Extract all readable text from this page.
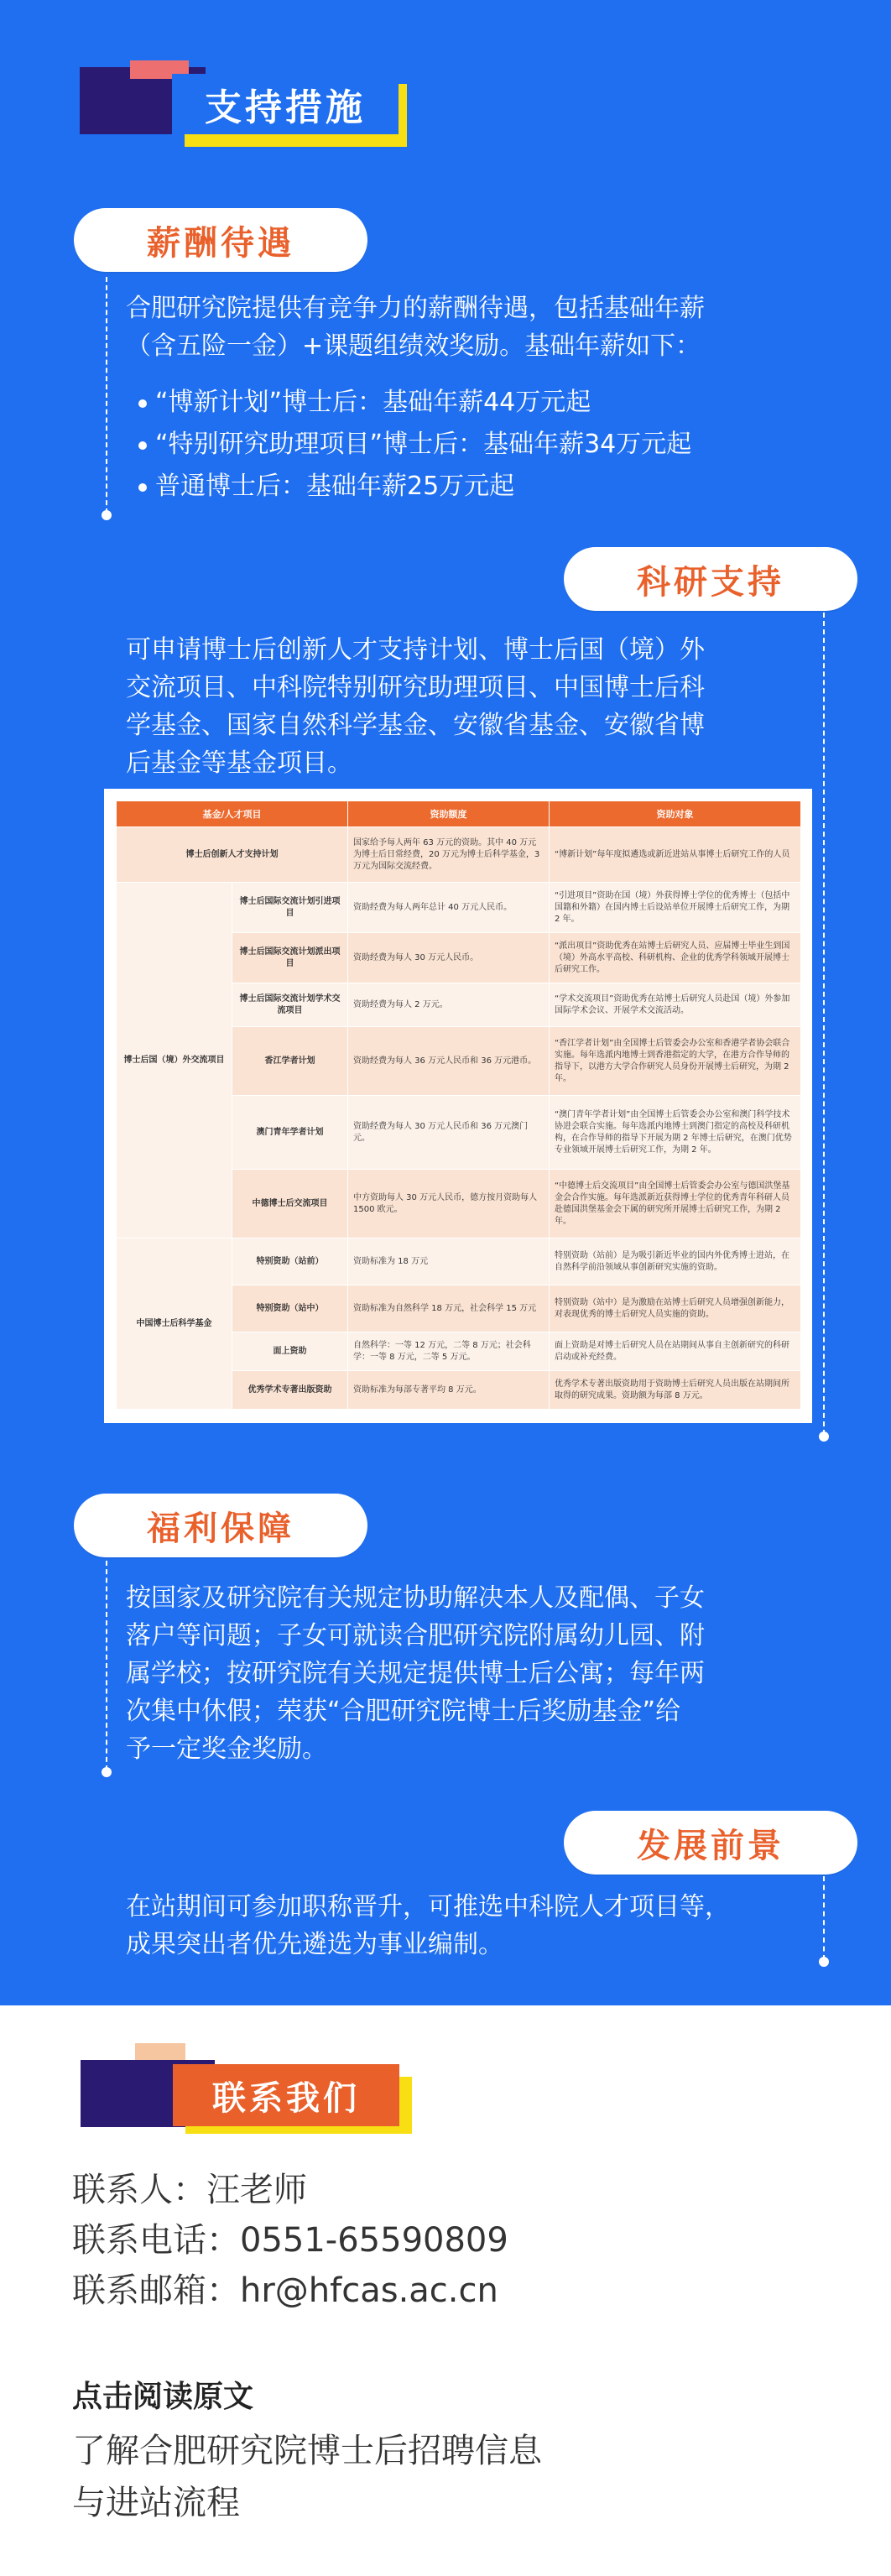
支持措施
薪酬待遇
合肥研究院提供有竞争力的薪酬待遇，包括基础年薪
（含五险一金）+课题组绩效奖励。基础年薪如下：
“博新计划”博士后：基础年薪44万元起
“特别研究助理项目”博士后：基础年薪34万元起
普通博士后：基础年薪25万元起
科研支持
可申请博士后创新人才支持计划、博士后国（境）外
交流项目、中科院特别研究助理项目、中国博士后科
学基金、国家自然科学基金、安徽省基金、安徽省博
后基金等基金项目。
基金/人才项目		资助额度	资助对象
博士后创新人才支持计划		国家给予每人两年 63 万元的资助。其中 40 万元为博士后日常经费，20 万元为博士后科学基金，3 万元为国际交流经费。	“博新计划”每年度拟遴选或新近进站从事博士后研究工作的人员
博士后国（境）外交流项目	博士后国际交流计划引进项目	资助经费为每人两年总计 40 万元人民币。	“引进项目”资助在国（境）外获得博士学位的优秀博士（包括中国籍和外籍）在国内博士后设站单位开展博士后研究工作，为期 2 年。
	博士后国际交流计划派出项目	资助经费为每人 30 万元人民币。	“派出项目”资助优秀在站博士后研究人员、应届博士毕业生到国（境）外高水平高校、科研机构、企业的优秀学科领域开展博士后研究工作。
	博士后国际交流计划学术交流项目	资助经费为每人 2 万元。	“学术交流项目”资助优秀在站博士后研究人员赴国（境）外参加国际学术会议、开展学术交流活动。
	香江学者计划	资助经费为每人 36 万元人民币和 36 万元港币。	“香江学者计划”由全国博士后管委会办公室和香港学者协会联合实施。每年选派内地博士到香港指定的大学，在港方合作导师的指导下，以港方大学合作研究人员身份开展博士后研究，为期 2 年。
	澳门青年学者计划	资助经费为每人 30 万元人民币和 36 万元澳门元。	“澳门青年学者计划”由全国博士后管委会办公室和澳门科学技术协进会联合实施。每年选派内地博士到澳门指定的高校及科研机构，在合作导师的指导下开展为期 2 年博士后研究，在澳门优势专业领域开展博士后研究工作，为期 2 年。
	中德博士后交流项目	中方资助每人 30 万元人民币，德方按月资助每人 1500 欧元。	“中德博士后交流项目”由全国博士后管委会办公室与德国洪堡基金会合作实施。每年选派新近获得博士学位的优秀青年科研人员赴德国洪堡基金会下属的研究所开展博士后研究工作，为期 2 年。
中国博士后科学基金	特别资助（站前）	资助标准为 18 万元	特别资助（站前）是为吸引新近毕业的国内外优秀博士进站，在自然科学前沿领域从事创新研究实施的资助。
	特别资助（站中）	资助标准为自然科学 18 万元，社会科学 15 万元	特别资助（站中）是为激励在站博士后研究人员增强创新能力，对表现优秀的博士后研究人员实施的资助。
	面上资助	自然科学：一等 12 万元，二等 8 万元；社会科学：一等 8 万元，二等 5 万元。	面上资助是对博士后研究人员在站期间从事自主创新研究的科研启动或补充经费。
	优秀学术专著出版资助	资助标准为每部专著平均 8 万元。	优秀学术专著出版资助用于资助博士后研究人员出版在站期间所取得的研究成果。资助额为每部 8 万元。
福利保障
按国家及研究院有关规定协助解决本人及配偶、子女
落户等问题；子女可就读合肥研究院附属幼儿园、附
属学校；按研究院有关规定提供博士后公寓；每年两
次集中休假；荣获“合肥研究院博士后奖励基金”给
予一定奖金奖励。
发展前景
在站期间可参加职称晋升，可推选中科院人才项目等，
成果突出者优先遴选为事业编制。
联系我们
联系人：汪老师
联系电话：0551-65590809
联系邮箱：hr@hfcas.ac.cn
点击阅读原文
了解合肥研究院博士后招聘信息
与进站流程
